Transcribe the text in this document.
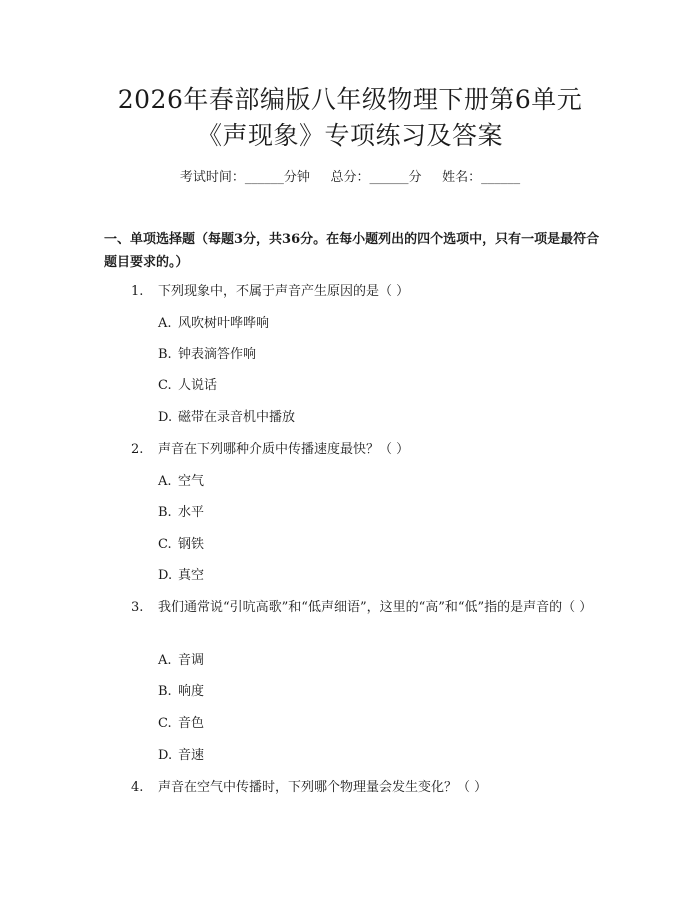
2026年春部编版八年级物理下册第6单元
《声现象》专项练习及答案
考试时间：______分钟     总分：______分     姓名：______
一、单项选择题（每题3分，共36分。在每小题列出的四个选项中，只有一项是最符合题目要求的。）
1. 下列现象中，不属于声音产生原因的是（ ）
A. 风吹树叶哗哗响
B. 钟表滴答作响
C. 人说话
D. 磁带在录音机中播放
2. 声音在下列哪种介质中传播速度最快？（ ）
A. 空气
B. 水平
C. 钢铁
D. 真空
3. 我们通常说“引吭高歌”和“低声细语”，这里的“高”和“低”指的是声音的（ ）
A. 音调
B. 响度
C. 音色
D. 音速
4. 声音在空气中传播时，下列哪个物理量会发生变化？（ ）
